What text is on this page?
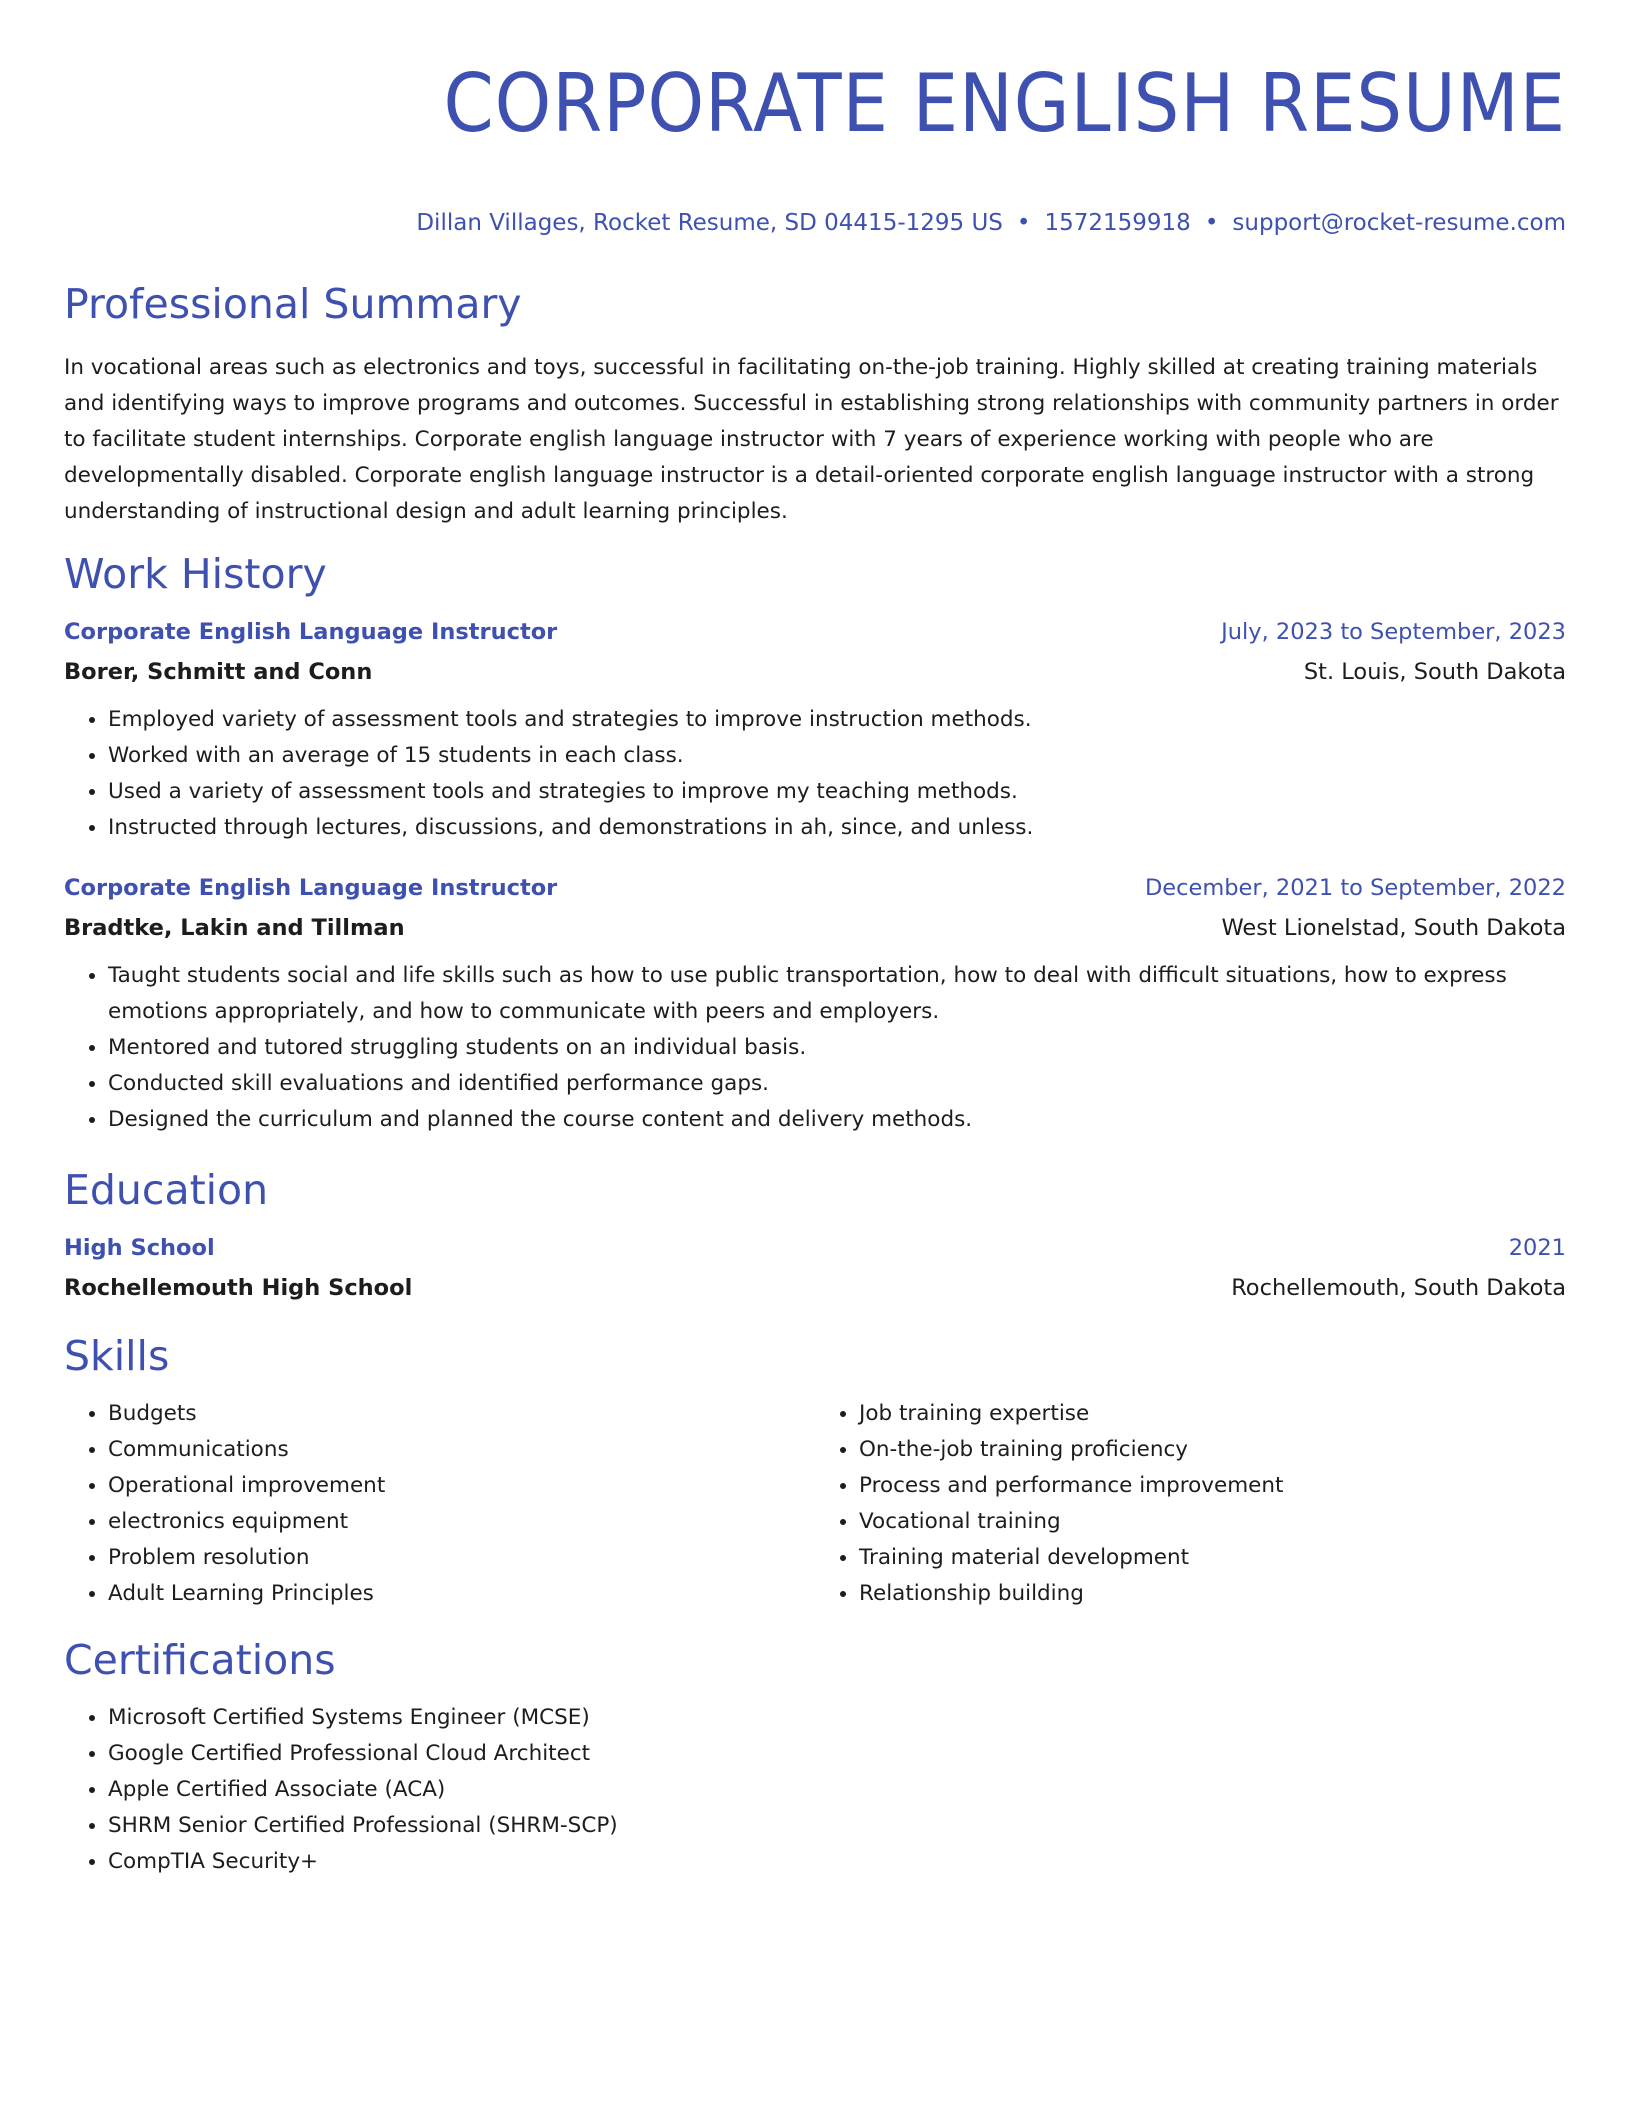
CORPORATE ENGLISH RESUME
Dillan Villages, Rocket Resume, SD 04415-1295 US • 1572159918 • support@rocket-resume.com
Professional Summary

In vocational areas such as electronics and toys, successful in facilitating on-the-job training. Highly skilled at creating training materials and identifying ways to improve programs and outcomes. Successful in establishing strong relationships with community partners in order to facilitate student internships. Corporate english language instructor with 7 years of experience working with people who are developmentally disabled. Corporate english language instructor is a detail-oriented corporate english language instructor with a strong understanding of instructional design and adult learning principles.

Work History
Corporate English Language Instructor	July, 2023 to September, 2023
Borer, Schmitt and Conn	St. Louis, South Dakota
• Employed variety of assessment tools and strategies to improve instruction methods.
• Worked with an average of 15 students in each class.
• Used a variety of assessment tools and strategies to improve my teaching methods.
• Instructed through lectures, discussions, and demonstrations in ah, since, and unless.
Corporate English Language Instructor	December, 2021 to September, 2022
Bradtke, Lakin and Tillman	West Lionelstad, South Dakota
• Taught students social and life skills such as how to use public transportation, how to deal with difficult situations, how to express emotions appropriately, and how to communicate with peers and employers.
• Mentored and tutored struggling students on an individual basis.
• Conducted skill evaluations and identified performance gaps.
• Designed the curriculum and planned the course content and delivery methods.
Education
High School	2021
Rochellemouth High School	Rochellemouth, South Dakota
Skills
• Budgets
• Communications
• Operational improvement
• electronics equipment
• Problem resolution
• Adult Learning Principles
• Job training expertise
• On-the-job training proficiency
• Process and performance improvement
• Vocational training
• Training material development
• Relationship building
Certifications
• Microsoft Certified Systems Engineer (MCSE)
• Google Certified Professional Cloud Architect
• Apple Certified Associate (ACA)
• SHRM Senior Certified Professional (SHRM-SCP)
• CompTIA Security+
